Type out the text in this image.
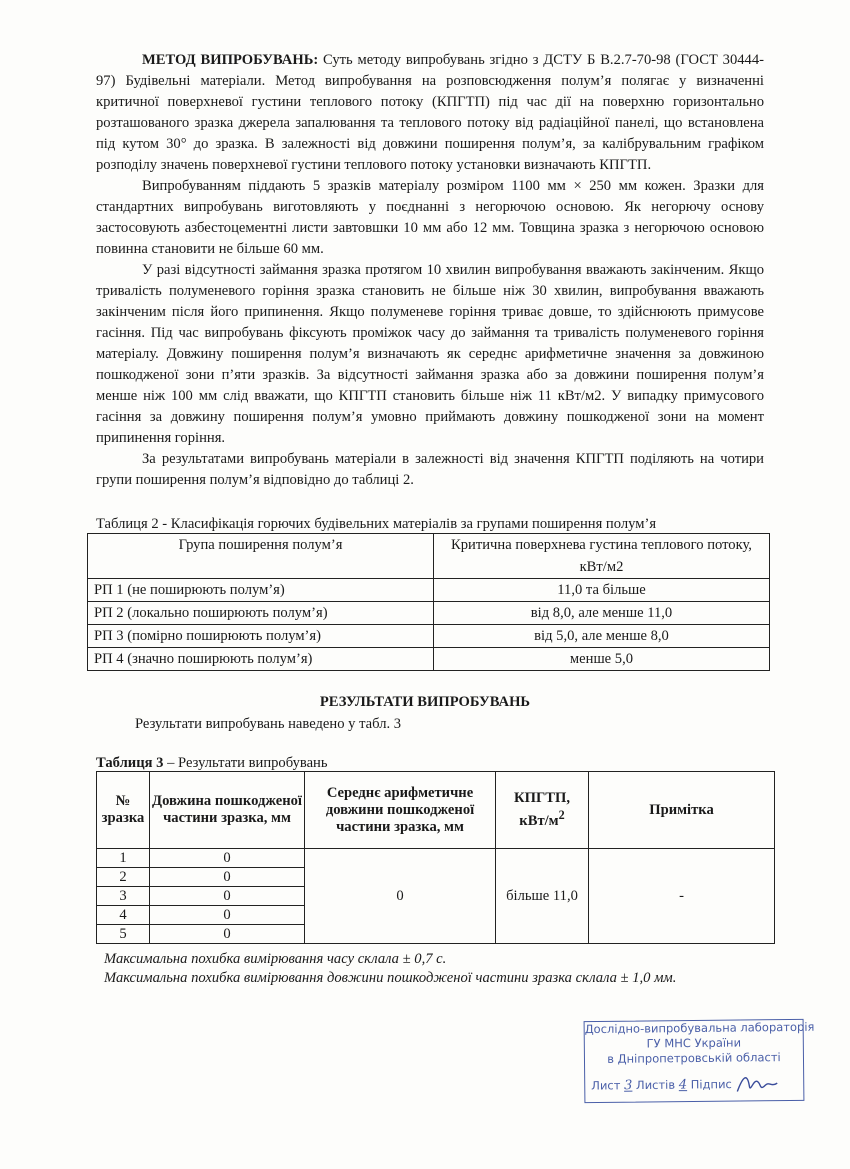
МЕТОД ВИПРОБУВАНЬ: Суть методу випробувань згідно з ДСТУ Б В.2.7-70-98 (ГОСТ 30444-97) Будівельні матеріали. Метод випробування на розповсюдження полум’я полягає у визначенні критичної поверхневої густини теплового потоку (КПГТП) під час дії на поверхню горизонтально розташованого зразка джерела запалювання та теплового потоку від радіаційної панелі, що встановлена під кутом 30° до зразка. В залежності від довжини поширення полум’я, за калібрувальним графіком розподілу значень поверхневої густини теплового потоку установки визначають КПГТП.

Випробуванням піддають 5 зразків матеріалу розміром 1100 мм × 250 мм кожен. Зразки для стандартних випробувань виготовляють у поєднанні з негорючою основою. Як негорючу основу застосовують азбестоцементні листи завтовшки 10 мм або 12 мм. Товщина зразка з негорючою основою повинна становити не більше 60 мм.

У разі відсутності займання зразка протягом 10 хвилин випробування вважають закінченим. Якщо тривалість полуменевого горіння зразка становить не більше ніж 30 хвилин, випробування вважають закінченим після його припинення. Якщо полуменеве горіння триває довше, то здійснюють примусове гасіння. Під час випробувань фіксують проміжок часу до займання та тривалість полуменевого горіння матеріалу. Довжину поширення полум’я визначають як середнє арифметичне значення за довжиною пошкодженої зони п’яти зразків. За відсутності займання зразка або за довжини поширення полум’я менше ніж 100 мм слід вважати, що КПГТП становить більше ніж 11 кВт/м2. У випадку примусового гасіння за довжину поширення полум’я умовно приймають довжину пошкодженої зони на момент припинення горіння.

За результатами випробувань матеріали в залежності від значення КПГТП поділяють на чотири групи поширення полум’я відповідно до таблиці 2.

Таблиця 2 - Класифікація горючих будівельних матеріалів за групами поширення полум’я
Група поширення полум’я	Критична поверхнева густина теплового потоку, кВт/м2
РП 1 (не поширюють полум’я)	11,0 та більше
РП 2 (локально поширюють полум’я)	від 8,0, але менше 11,0
РП 3 (помірно поширюють полум’я)	від 5,0, але менше 8,0
РП 4 (значно поширюють полум’я)	менше 5,0
РЕЗУЛЬТАТИ ВИПРОБУВАНЬ
Результати випробувань наведено у табл. 3
Таблиця 3 – Результати випробувань
№ зразка	Довжина пошкодженої частини зразка, мм	Середнє арифметичне довжини пошкодженої частини зразка, мм	КПГТП, кВт/$м^2$	Примітка
1	0	0	більше 11,0	-
2	0			
3	0			
4	0			
5	0			
Максимальна похибка вимірювання часу склала ± 0,7 с.
Максимальна похибка вимірювання довжини пошкодженої частини зразка склала ± 1,0 мм.
Дослідно-випробувальна лабораторія
ГУ МНС України
в Дніпропетровській області
Лист 3 Листів 4 Підпис
